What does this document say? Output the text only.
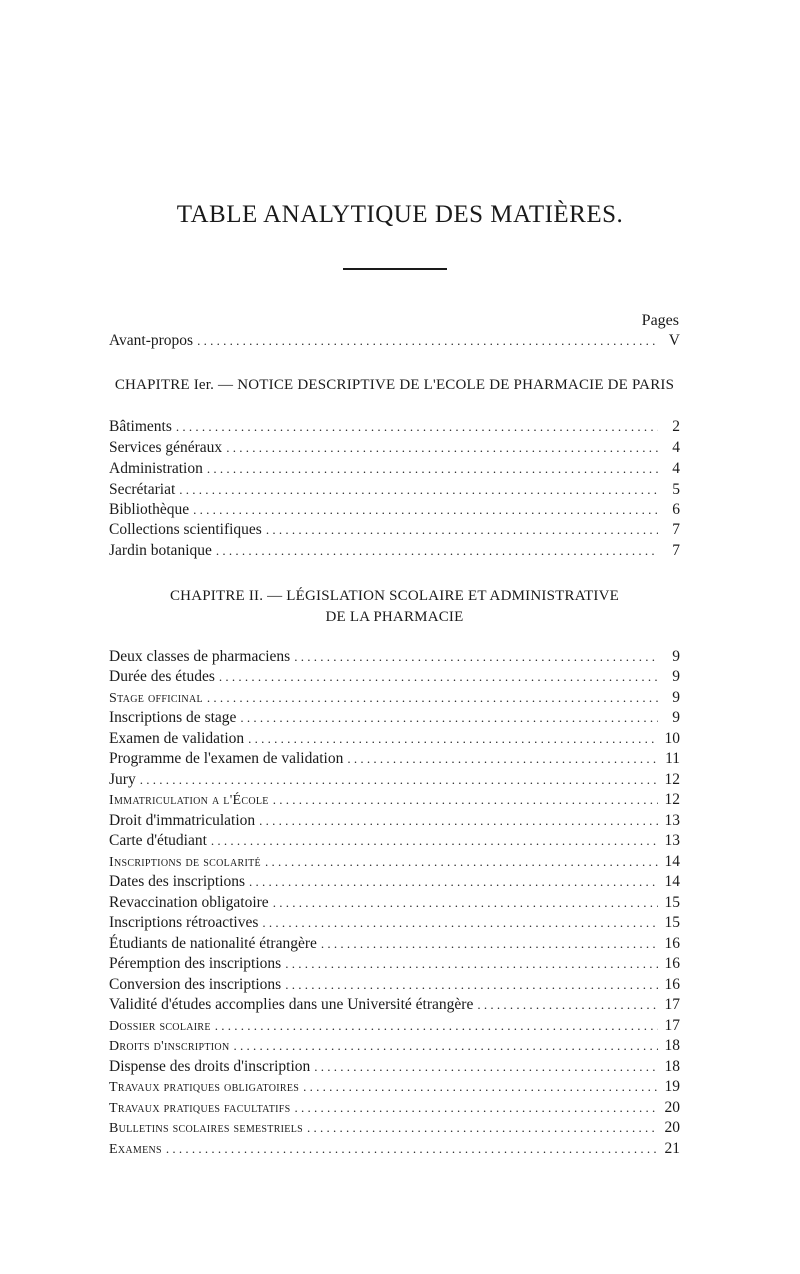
TABLE ANALYTIQUE DES MATIÈRES.
Pages
Avant-propos . . .	V
CHAPITRE Ier. — NOTICE DESCRIPTIVE DE L'ECOLE DE PHARMACIE DE PARIS
Bâtiments . . .	2
Services généraux . . .	4
Administration . . .	4
Secrétariat . . .	5
Bibliothèque . . .	6
Collections scientifiques . . .	7
Jardin botanique . . .	7
CHAPITRE II. — LÉGISLATION SCOLAIRE ET ADMINISTRATIVE
DE LA PHARMACIE
Deux classes de pharmaciens . . .	9
Durée des études . . .	9
Stage officinal . . .	9
Inscriptions de stage . . .	9
Examen de validation . . .	10
Programme de l'examen de validation . . .	11
Jury . . .	12
Immatriculation a l'École . . .	12
Droit d'immatriculation . . .	13
Carte d'étudiant . . .	13
Inscriptions de scolarité . . .	14
Dates des inscriptions . . .	14
Revaccination obligatoire . . .	15
Inscriptions rétroactives . . .	15
Étudiants de nationalité étrangère . . .	16
Péremption des inscriptions . . .	16
Conversion des inscriptions . . .	16
Validité d'études accomplies dans une Université étrangère . . .	17
Dossier scolaire . . .	17
Droits d'inscription . . .	18
Dispense des droits d'inscription . . .	18
Travaux pratiques obligatoires . . .	19
Travaux pratiques facultatifs . . .	20
Bulletins scolaires semestriels . . .	20
Examens . . .	21
